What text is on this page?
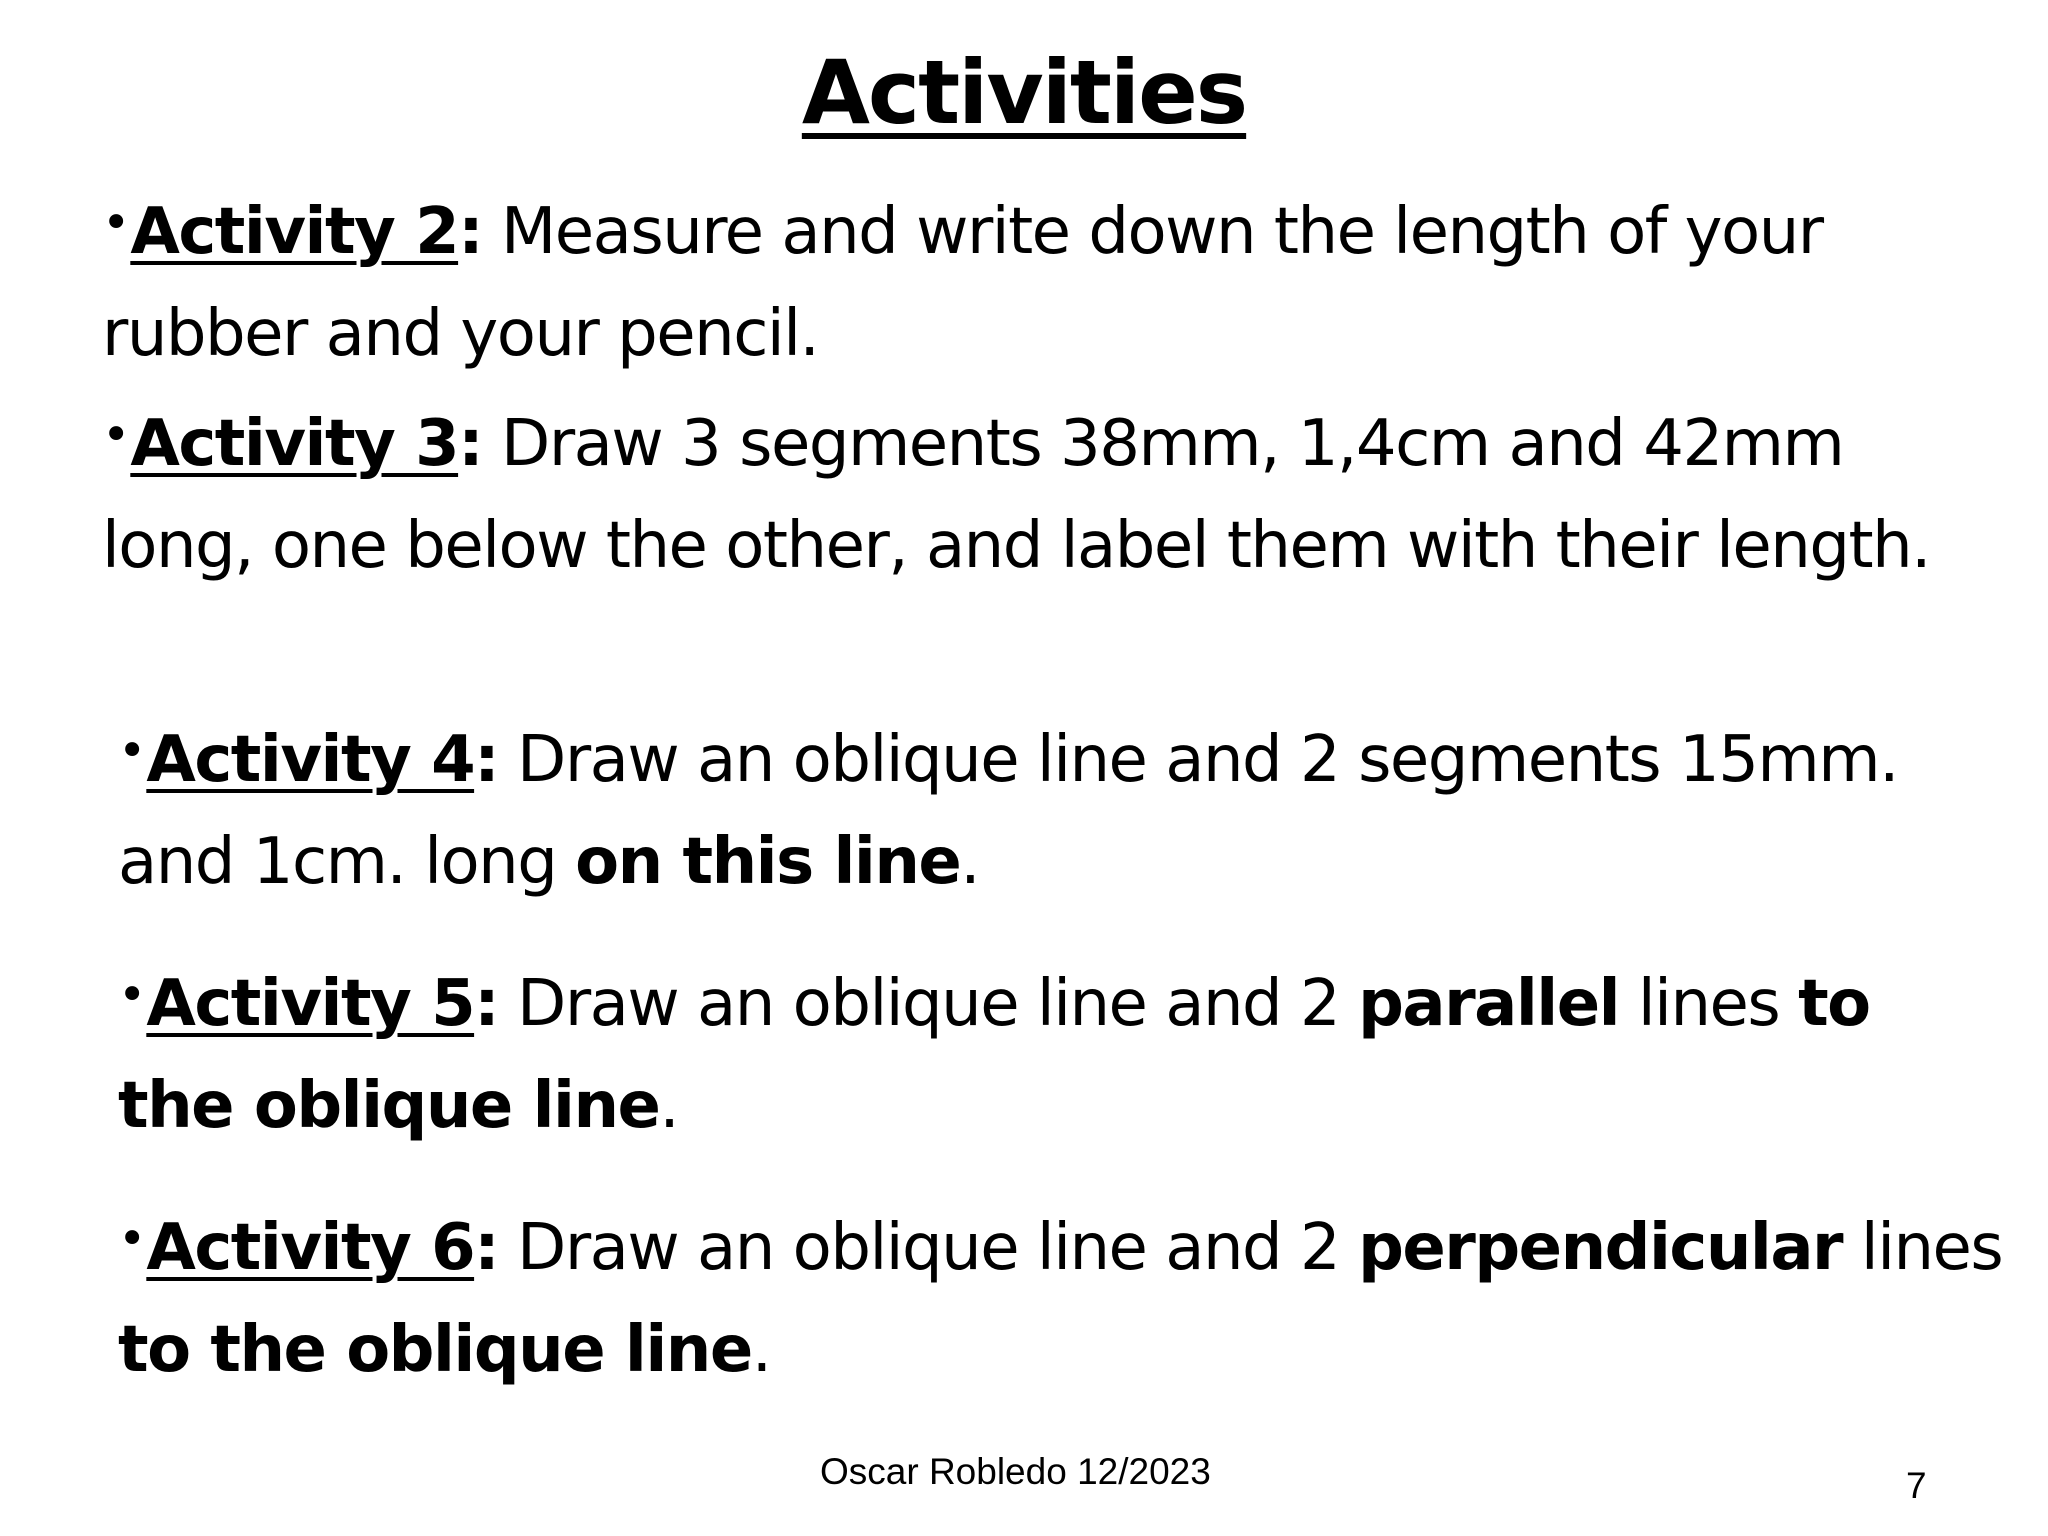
Activities

•Activity 2: Measure and write down the length of your rubber and your pencil.

•Activity 3: Draw 3 segments 38mm, 1,4cm and 42mm long, one below the other, and label them with their length.

•Activity 4: Draw an oblique line and 2 segments 15mm. and 1cm. long on this line.

•Activity 5: Draw an oblique line and 2 parallel lines to the oblique line.

•Activity 6: Draw an oblique line and 2 perpendicular lines to the oblique line.

Oscar Robledo 12/2023	7
